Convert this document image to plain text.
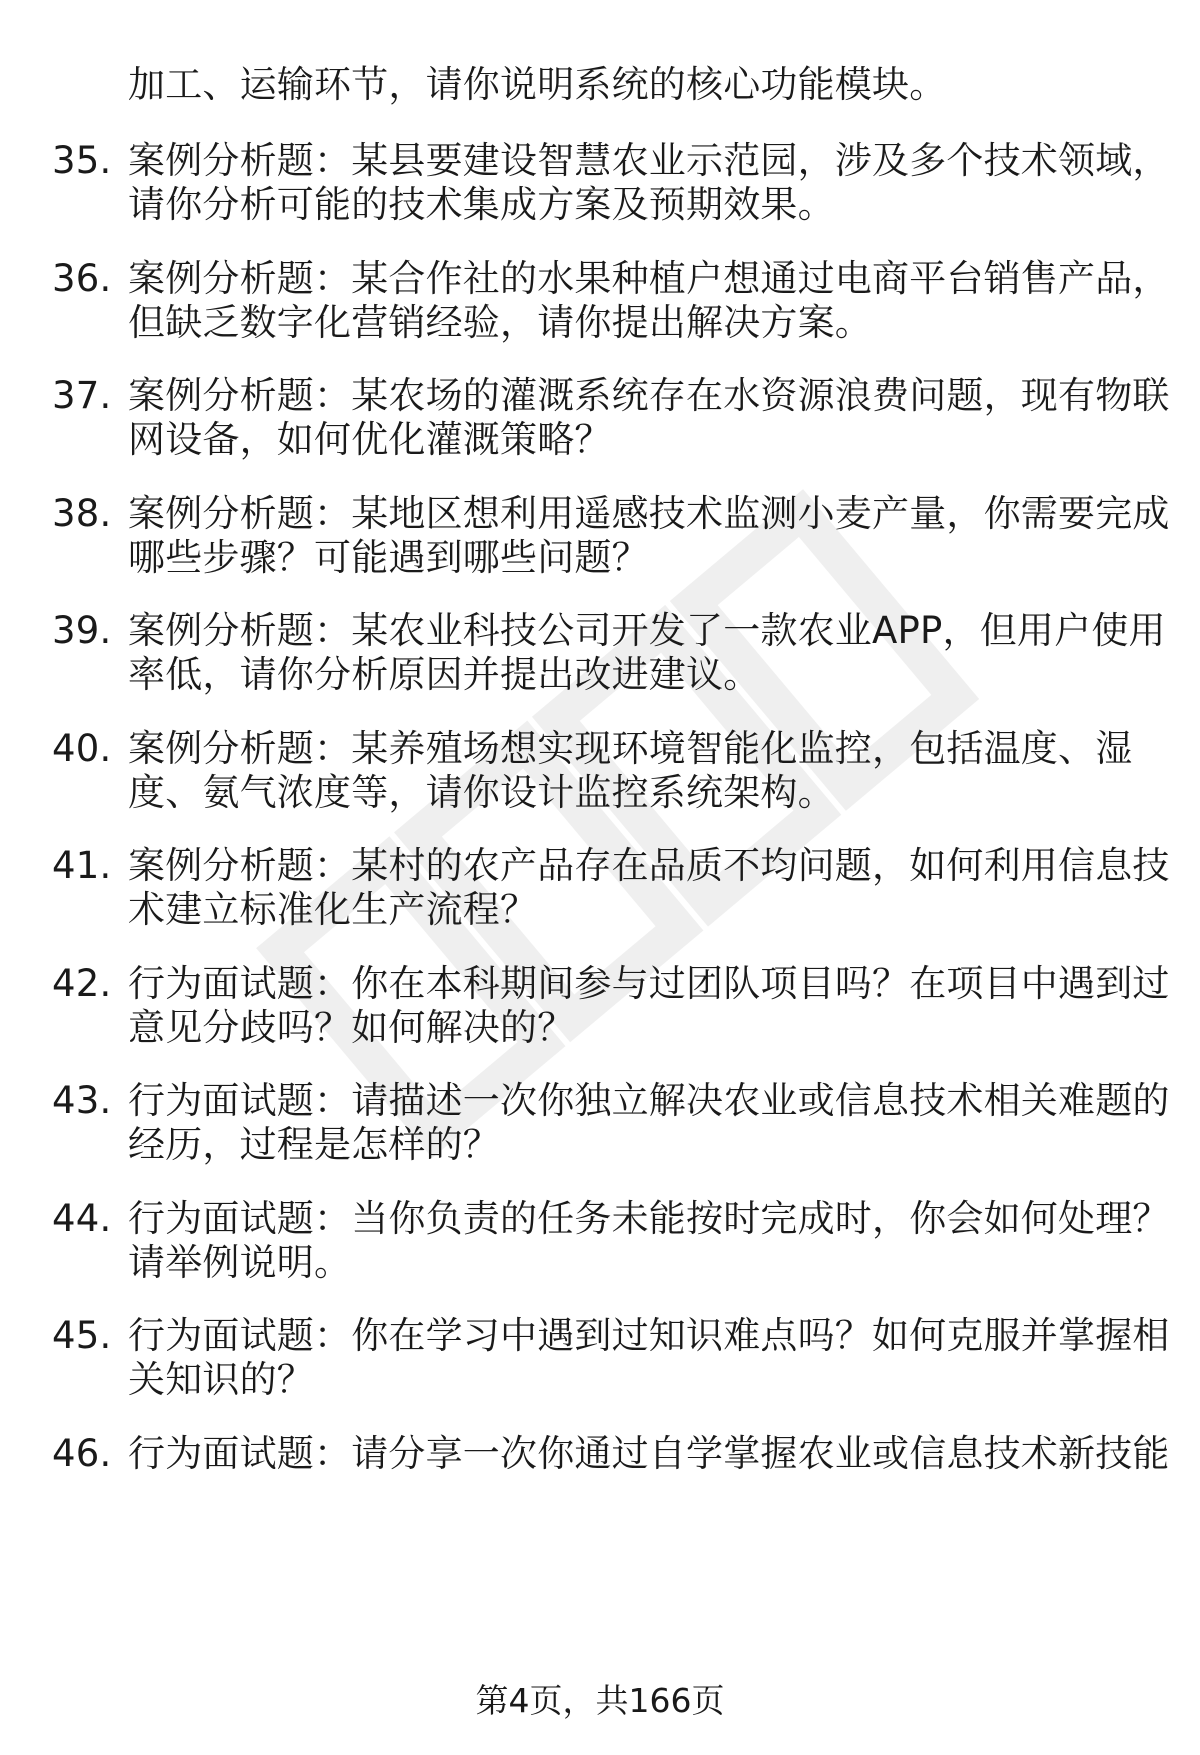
加工、运输环节，请你说明系统的核心功能模块。
35. 案例分析题：某县要建设智慧农业示范园，涉及多个技术领域，
请你分析可能的技术集成方案及预期效果。
36. 案例分析题：某合作社的水果种植户想通过电商平台销售产品，
但缺乏数字化营销经验，请你提出解决方案。
37. 案例分析题：某农场的灌溉系统存在水资源浪费问题，现有物联
网设备，如何优化灌溉策略？
38. 案例分析题：某地区想利用遥感技术监测小麦产量，你需要完成
哪些步骤？可能遇到哪些问题？
39. 案例分析题：某农业科技公司开发了一款农业APP，但用户使用
率低，请你分析原因并提出改进建议。
40. 案例分析题：某养殖场想实现环境智能化监控，包括温度、湿
度、氨气浓度等，请你设计监控系统架构。
41. 案例分析题：某村的农产品存在品质不均问题，如何利用信息技
术建立标准化生产流程？
42. 行为面试题：你在本科期间参与过团队项目吗？在项目中遇到过
意见分歧吗？如何解决的？
43. 行为面试题：请描述一次你独立解决农业或信息技术相关难题的
经历，过程是怎样的？
44. 行为面试题：当你负责的任务未能按时完成时，你会如何处理？
请举例说明。
45. 行为面试题：你在学习中遇到过知识难点吗？如何克服并掌握相
关知识的？
46. 行为面试题：请分享一次你通过自学掌握农业或信息技术新技能
第4页，共166页
